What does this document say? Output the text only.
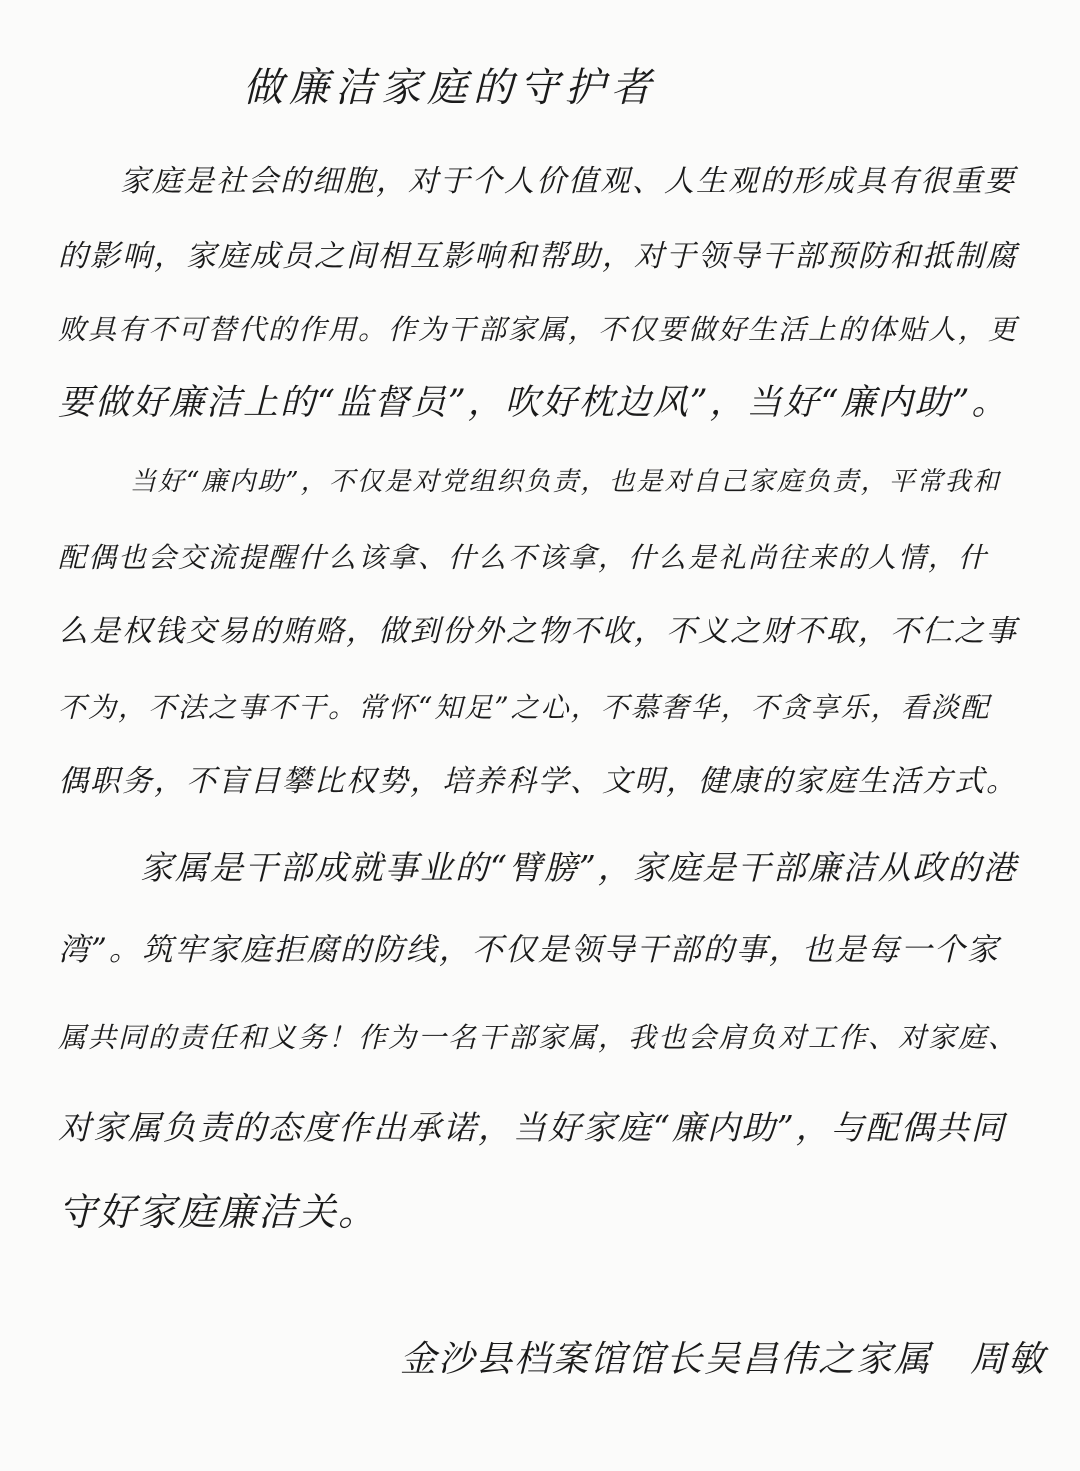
做廉洁家庭的守护者
家庭是社会的细胞，对于个人价值观、人生观的形成具有很重要
的影响，家庭成员之间相互影响和帮助，对于领导干部预防和抵制腐
败具有不可替代的作用。作为干部家属，不仅要做好生活上的体贴人，更
要做好廉洁上的“监督员”，吹好枕边风”，当好“廉内助”。
当好“廉内助”，不仅是对党组织负责，也是对自己家庭负责，平常我和
配偶也会交流提醒什么该拿、什么不该拿，什么是礼尚往来的人情，什
么是权钱交易的贿赂，做到份外之物不收，不义之财不取，不仁之事
不为，不法之事不干。常怀“知足”之心，不慕奢华，不贪享乐，看淡配
偶职务，不盲目攀比权势，培养科学、文明，健康的家庭生活方式。
家属是干部成就事业的“臂膀”，家庭是干部廉洁从政的港
湾”。筑牢家庭拒腐的防线，不仅是领导干部的事，也是每一个家
属共同的责任和义务！作为一名干部家属，我也会肩负对工作、对家庭、
对家属负责的态度作出承诺，当好家庭“廉内助”，与配偶共同
守好家庭廉洁关。
金沙县档案馆馆长吴昌伟之家属　周敏
